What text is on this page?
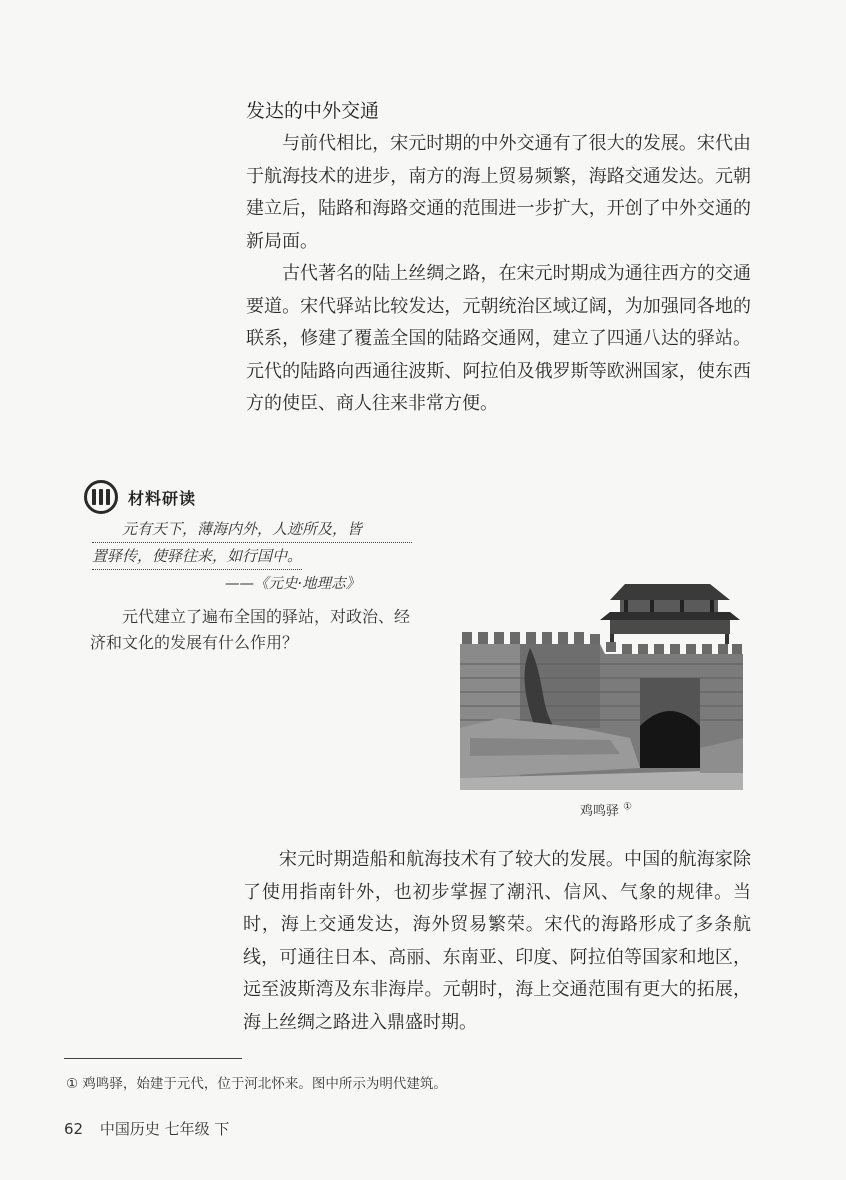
发达的中外交通

与前代相比，宋元时期的中外交通有了很大的发展。宋代由于航海技术的进步，南方的海上贸易频繁，海路交通发达。元朝建立后，陆路和海路交通的范围进一步扩大，开创了中外交通的新局面。

古代著名的陆上丝绸之路，在宋元时期成为通往西方的交通要道。宋代驿站比较发达，元朝统治区域辽阔，为加强同各地的联系，修建了覆盖全国的陆路交通网，建立了四通八达的驿站。元代的陆路向西通往波斯、阿拉伯及俄罗斯等欧洲国家，使东西方的使臣、商人往来非常方便。

材料研读
元有天下，薄海内外，人迹所及，皆
置驿传，使驿往来，如行国中。
——《元史·地理志》

元代建立了遍布全国的驿站，对政治、经济和文化的发展有什么作用？

鸡鸣驿 ①

宋元时期造船和航海技术有了较大的发展。中国的航海家除了使用指南针外，也初步掌握了潮汛、信风、气象的规律。当时，海上交通发达，海外贸易繁荣。宋代的海路形成了多条航线，可通往日本、高丽、东南亚、印度、阿拉伯等国家和地区，远至波斯湾及东非海岸。元朝时，海上交通范围有更大的拓展，海上丝绸之路进入鼎盛时期。

① 鸡鸣驿，始建于元代，位于河北怀来。图中所示为明代建筑。
62 中国历史 七年级 下
